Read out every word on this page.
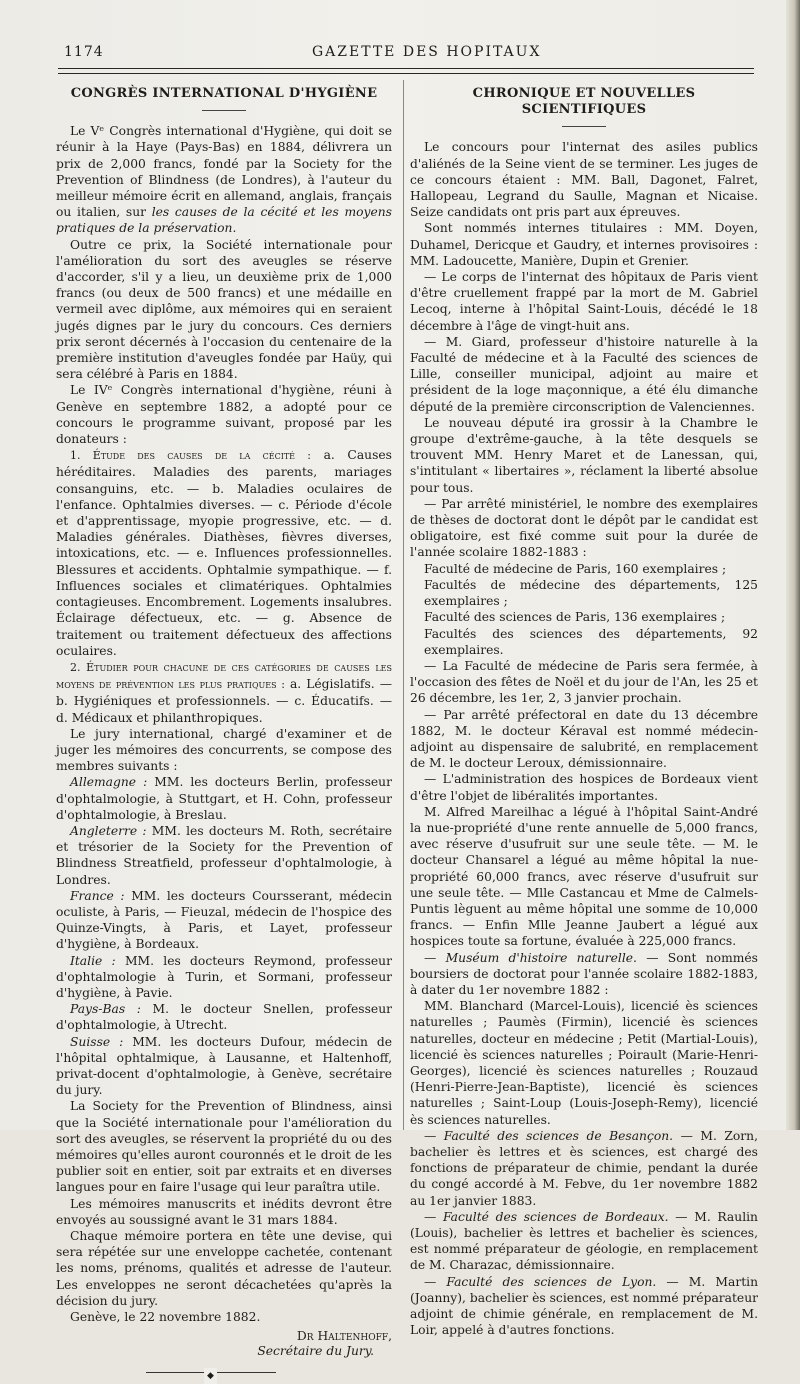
1174	GAZETTE DES HOPITAUX
CONGRÈS INTERNATIONAL D'HYGIÈNE

Le Vᵉ Congrès international d'Hygiène, qui doit se réunir à la Haye (Pays-Bas) en 1884, délivrera un prix de 2,000 francs, fondé par la Society for the Prevention of Blindness (de Londres), à l'auteur du meilleur mémoire écrit en allemand, anglais, français ou italien, sur les causes de la cécité et les moyens pratiques de la préservation.

Outre ce prix, la Société internationale pour l'amélioration du sort des aveugles se réserve d'accorder, s'il y a lieu, un deuxième prix de 1,000 francs (ou deux de 500 francs) et une médaille en vermeil avec diplôme, aux mémoires qui en seraient jugés dignes par le jury du concours. Ces derniers prix seront décernés à l'occasion du centenaire de la première institution d'aveugles fondée par Haüy, qui sera célébré à Paris en 1884.

Le IVᵉ Congrès international d'hygiène, réuni à Genève en septembre 1882, a adopté pour ce concours le programme suivant, proposé par les donateurs :

1. Étude des causes de la cécité : a. Causes héréditaires. Maladies des parents, mariages consanguins, etc. — b. Maladies oculaires de l'enfance. Ophtalmies diverses. — c. Période d'école et d'apprentissage, myopie progressive, etc. — d. Maladies générales. Diathèses, fièvres diverses, intoxications, etc. — e. Influences professionnelles. Blessures et accidents. Ophtalmie sympathique. — f. Influences sociales et climatériques. Ophtalmies contagieuses. Encombrement. Logements insalubres. Éclairage défectueux, etc. — g. Absence de traitement ou traitement défectueux des affections oculaires.

2. Étudier pour chacune de ces catégories de causes les moyens de prévention les plus pratiques : a. Législatifs. — b. Hygiéniques et professionnels. — c. Éducatifs. — d. Médicaux et philanthropiques.

Le jury international, chargé d'examiner et de juger les mémoires des concurrents, se compose des membres suivants :

Allemagne : MM. les docteurs Berlin, professeur d'ophtalmologie, à Stuttgart, et H. Cohn, professeur d'ophtalmologie, à Breslau.

Angleterre : MM. les docteurs M. Roth, secrétaire et trésorier de la Society for the Prevention of Blindness Streatfield, professeur d'ophtalmologie, à Londres.

France : MM. les docteurs Coursserant, médecin oculiste, à Paris, — Fieuzal, médecin de l'hospice des Quinze-Vingts, à Paris, et Layet, professeur d'hygiène, à Bordeaux.

Italie : MM. les docteurs Reymond, professeur d'ophtalmologie à Turin, et Sormani, professeur d'hygiène, à Pavie.

Pays-Bas : M. le docteur Snellen, professeur d'ophtalmologie, à Utrecht.

Suisse : MM. les docteurs Dufour, médecin de l'hôpital ophtalmique, à Lausanne, et Haltenhoff, privat-docent d'ophtalmologie, à Genève, secrétaire du jury.

La Society for the Prevention of Blindness, ainsi que la Société internationale pour l'amélioration du sort des aveugles, se réservent la propriété du ou des mémoires qu'elles auront couronnés et le droit de les publier soit en entier, soit par extraits et en diverses langues pour en faire l'usage qui leur paraîtra utile.

Les mémoires manuscrits et inédits devront être envoyés au soussigné avant le 31 mars 1884.

Chaque mémoire portera en tête une devise, qui sera répétée sur une enveloppe cachetée, contenant les noms, prénoms, qualités et adresse de l'auteur. Les enveloppes ne seront décachetées qu'après la décision du jury.

Genève, le 22 novembre 1882.

Dr Haltenhoff,
Secrétaire du Jury.
◆
CHRONIQUE ET NOUVELLES SCIENTIFIQUES

Le concours pour l'internat des asiles publics d'aliénés de la Seine vient de se terminer. Les juges de ce concours étaient : MM. Ball, Dagonet, Falret, Hallopeau, Legrand du Saulle, Magnan et Nicaise. Seize candidats ont pris part aux épreuves.

Sont nommés internes titulaires : MM. Doyen, Duhamel, Dericque et Gaudry, et internes provisoires : MM. Ladoucette, Manière, Dupin et Grenier.

— Le corps de l'internat des hôpitaux de Paris vient d'être cruellement frappé par la mort de M. Gabriel Lecoq, interne à l'hôpital Saint-Louis, décédé le 18 décembre à l'âge de vingt-huit ans.

— M. Giard, professeur d'histoire naturelle à la Faculté de médecine et à la Faculté des sciences de Lille, conseiller municipal, adjoint au maire et président de la loge maçonnique, a été élu dimanche député de la première circonscription de Valenciennes.

Le nouveau député ira grossir à la Chambre le groupe d'extrême-gauche, à la tête desquels se trouvent MM. Henry Maret et de Lanessan, qui, s'intitulant « libertaires », réclament la liberté absolue pour tous.

— Par arrêté ministériel, le nombre des exemplaires de thèses de doctorat dont le dépôt par le candidat est obligatoire, est fixé comme suit pour la durée de l'année scolaire 1882-1883 :

Faculté de médecine de Paris, 160 exemplaires ;
Facultés de médecine des départements, 125 exemplaires ;
Faculté des sciences de Paris, 136 exemplaires ;
Facultés des sciences des départements, 92 exemplaires.

— La Faculté de médecine de Paris sera fermée, à l'occasion des fêtes de Noël et du jour de l'An, les 25 et 26 décembre, les 1er, 2, 3 janvier prochain.

— Par arrêté préfectoral en date du 13 décembre 1882, M. le docteur Kéraval est nommé médecin-adjoint au dispensaire de salubrité, en remplacement de M. le docteur Leroux, démissionnaire.

— L'administration des hospices de Bordeaux vient d'être l'objet de libéralités importantes.

M. Alfred Mareilhac a légué à l'hôpital Saint-André la nue-propriété d'une rente annuelle de 5,000 francs, avec réserve d'usufruit sur une seule tête. — M. le docteur Chansarel a légué au même hôpital la nue-propriété 60,000 francs, avec réserve d'usufruit sur une seule tête. — Mlle Castancau et Mme de Calmels-Puntis lèguent au même hôpital une somme de 10,000 francs. — Enfin Mlle Jeanne Jaubert a légué aux hospices toute sa fortune, évaluée à 225,000 francs.

— Muséum d'histoire naturelle. — Sont nommés boursiers de doctorat pour l'année scolaire 1882-1883, à dater du 1er novembre 1882 :

MM. Blanchard (Marcel-Louis), licencié ès sciences naturelles ; Paumès (Firmin), licencié ès sciences naturelles, docteur en médecine ; Petit (Martial-Louis), licencié ès sciences naturelles ; Poirault (Marie-Henri-Georges), licencié ès sciences naturelles ; Rouzaud (Henri-Pierre-Jean-Baptiste), licencié ès sciences naturelles ; Saint-Loup (Louis-Joseph-Remy), licencié ès sciences naturelles.

— Faculté des sciences de Besançon. — M. Zorn, bachelier ès lettres et ès sciences, est chargé des fonctions de préparateur de chimie, pendant la durée du congé accordé à M. Febve, du 1er novembre 1882 au 1er janvier 1883.

— Faculté des sciences de Bordeaux. — M. Raulin (Louis), bachelier ès lettres et bachelier ès sciences, est nommé préparateur de géologie, en remplacement de M. Charazac, démissionnaire.

— Faculté des sciences de Lyon. — M. Martin (Joanny), bachelier ès sciences, est nommé préparateur adjoint de chimie générale, en remplacement de M. Loir, appelé à d'autres fonctions.
